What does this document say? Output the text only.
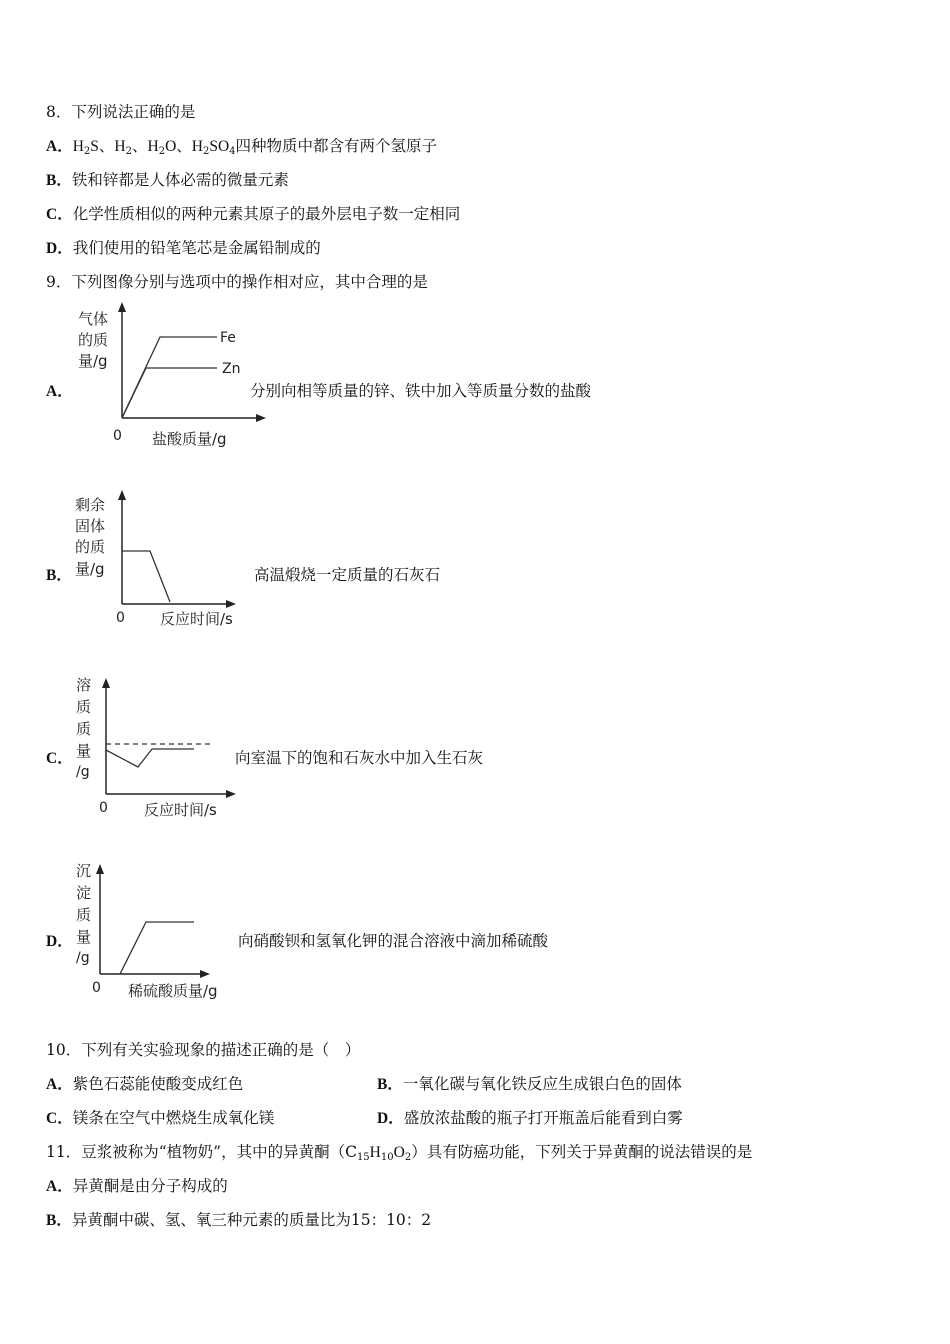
8．下列说法正确的是
A．$H_2S$、$H_2$、$H_2O$、$H_2SO_4$四种物质中都含有两个氢原子
B．铁和锌都是人体必需的微量元素
C．化学性质相似的两种元素其原子的最外层电子数一定相同
D．我们使用的铅笔笔芯是金属铅制成的
9．下列图像分别与选项中的操作相对应，其中合理的是
A．
气体
的质
量/g
0 盐酸质量/g
Fe
Zn
分别向相等质量的锌、铁中加入等质量分数的盐酸
B．
剩余
固体
的质
量/g
0 反应时间/s
高温煅烧一定质量的石灰石
C．
溶
质
质
量
/g
0 反应时间/s
向室温下的饱和石灰水中加入生石灰
D．
沉
淀
质
量
/g
0 稀硫酸质量/g
向硝酸钡和氢氧化钾的混合溶液中滴加稀硫酸
10．下列有关实验现象的描述正确的是（　）
A．紫色石蕊能使酸变成红色	B．一氧化碳与氧化铁反应生成银白色的固体
C．镁条在空气中燃烧生成氧化镁	D．盛放浓盐酸的瓶子打开瓶盖后能看到白雾
11．豆浆被称为“植物奶”，其中的异黄酮$(C_{15}H_{10}O_2)$具有防癌功能，下列关于异黄酮的说法错误的是
A．异黄酮是由分子构成的
B．异黄酮中碳、氢、氧三种元素的质量比为15：10：2
